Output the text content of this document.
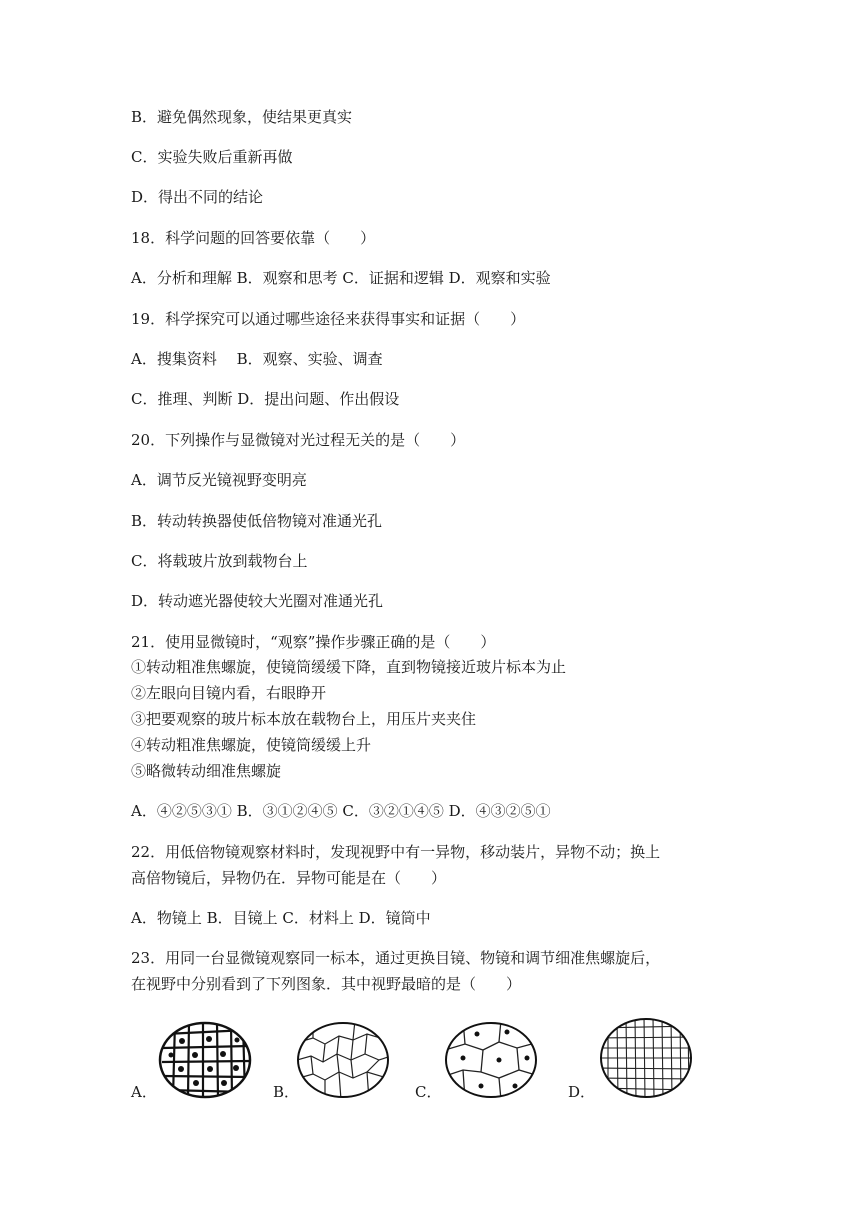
B．避免偶然现象，使结果更真实
C．实验失败后重新再做
D．得出不同的结论
18．科学问题的回答要依靠（　　）
A．分析和理解 B．观察和思考 C．证据和逻辑 D．观察和实验
19．科学探究可以通过哪些途径来获得事实和证据（　　）
A．搜集资料　 B．观察、实验、调查
C．推理、判断 D．提出问题、作出假设
20．下列操作与显微镜对光过程无关的是（　　）
A．调节反光镜视野变明亮
B．转动转换器使低倍物镜对准通光孔
C．将载玻片放到载物台上
D．转动遮光器使较大光圈对准通光孔
21．使用显微镜时，“观察”操作步骤正确的是（　　）
①转动粗准焦螺旋，使镜筒缓缓下降，直到物镜接近玻片标本为止
②左眼向目镜内看，右眼睁开
③把要观察的玻片标本放在载物台上，用压片夹夹住
④转动粗准焦螺旋，使镜筒缓缓上升
⑤略微转动细准焦螺旋
A．④②⑤③① B．③①②④⑤ C．③②①④⑤ D．④③②⑤①
22．用低倍物镜观察材料时，发现视野中有一异物，移动装片，异物不动；换上
高倍物镜后，异物仍在．异物可能是在（　　）
A．物镜上 B．目镜上 C．材料上 D．镜筒中
23．用同一台显微镜观察同一标本，通过更换目镜、物镜和调节细准焦螺旋后，
在视野中分别看到了下列图象．其中视野最暗的是（　　）
A．	B．	C．	D．
